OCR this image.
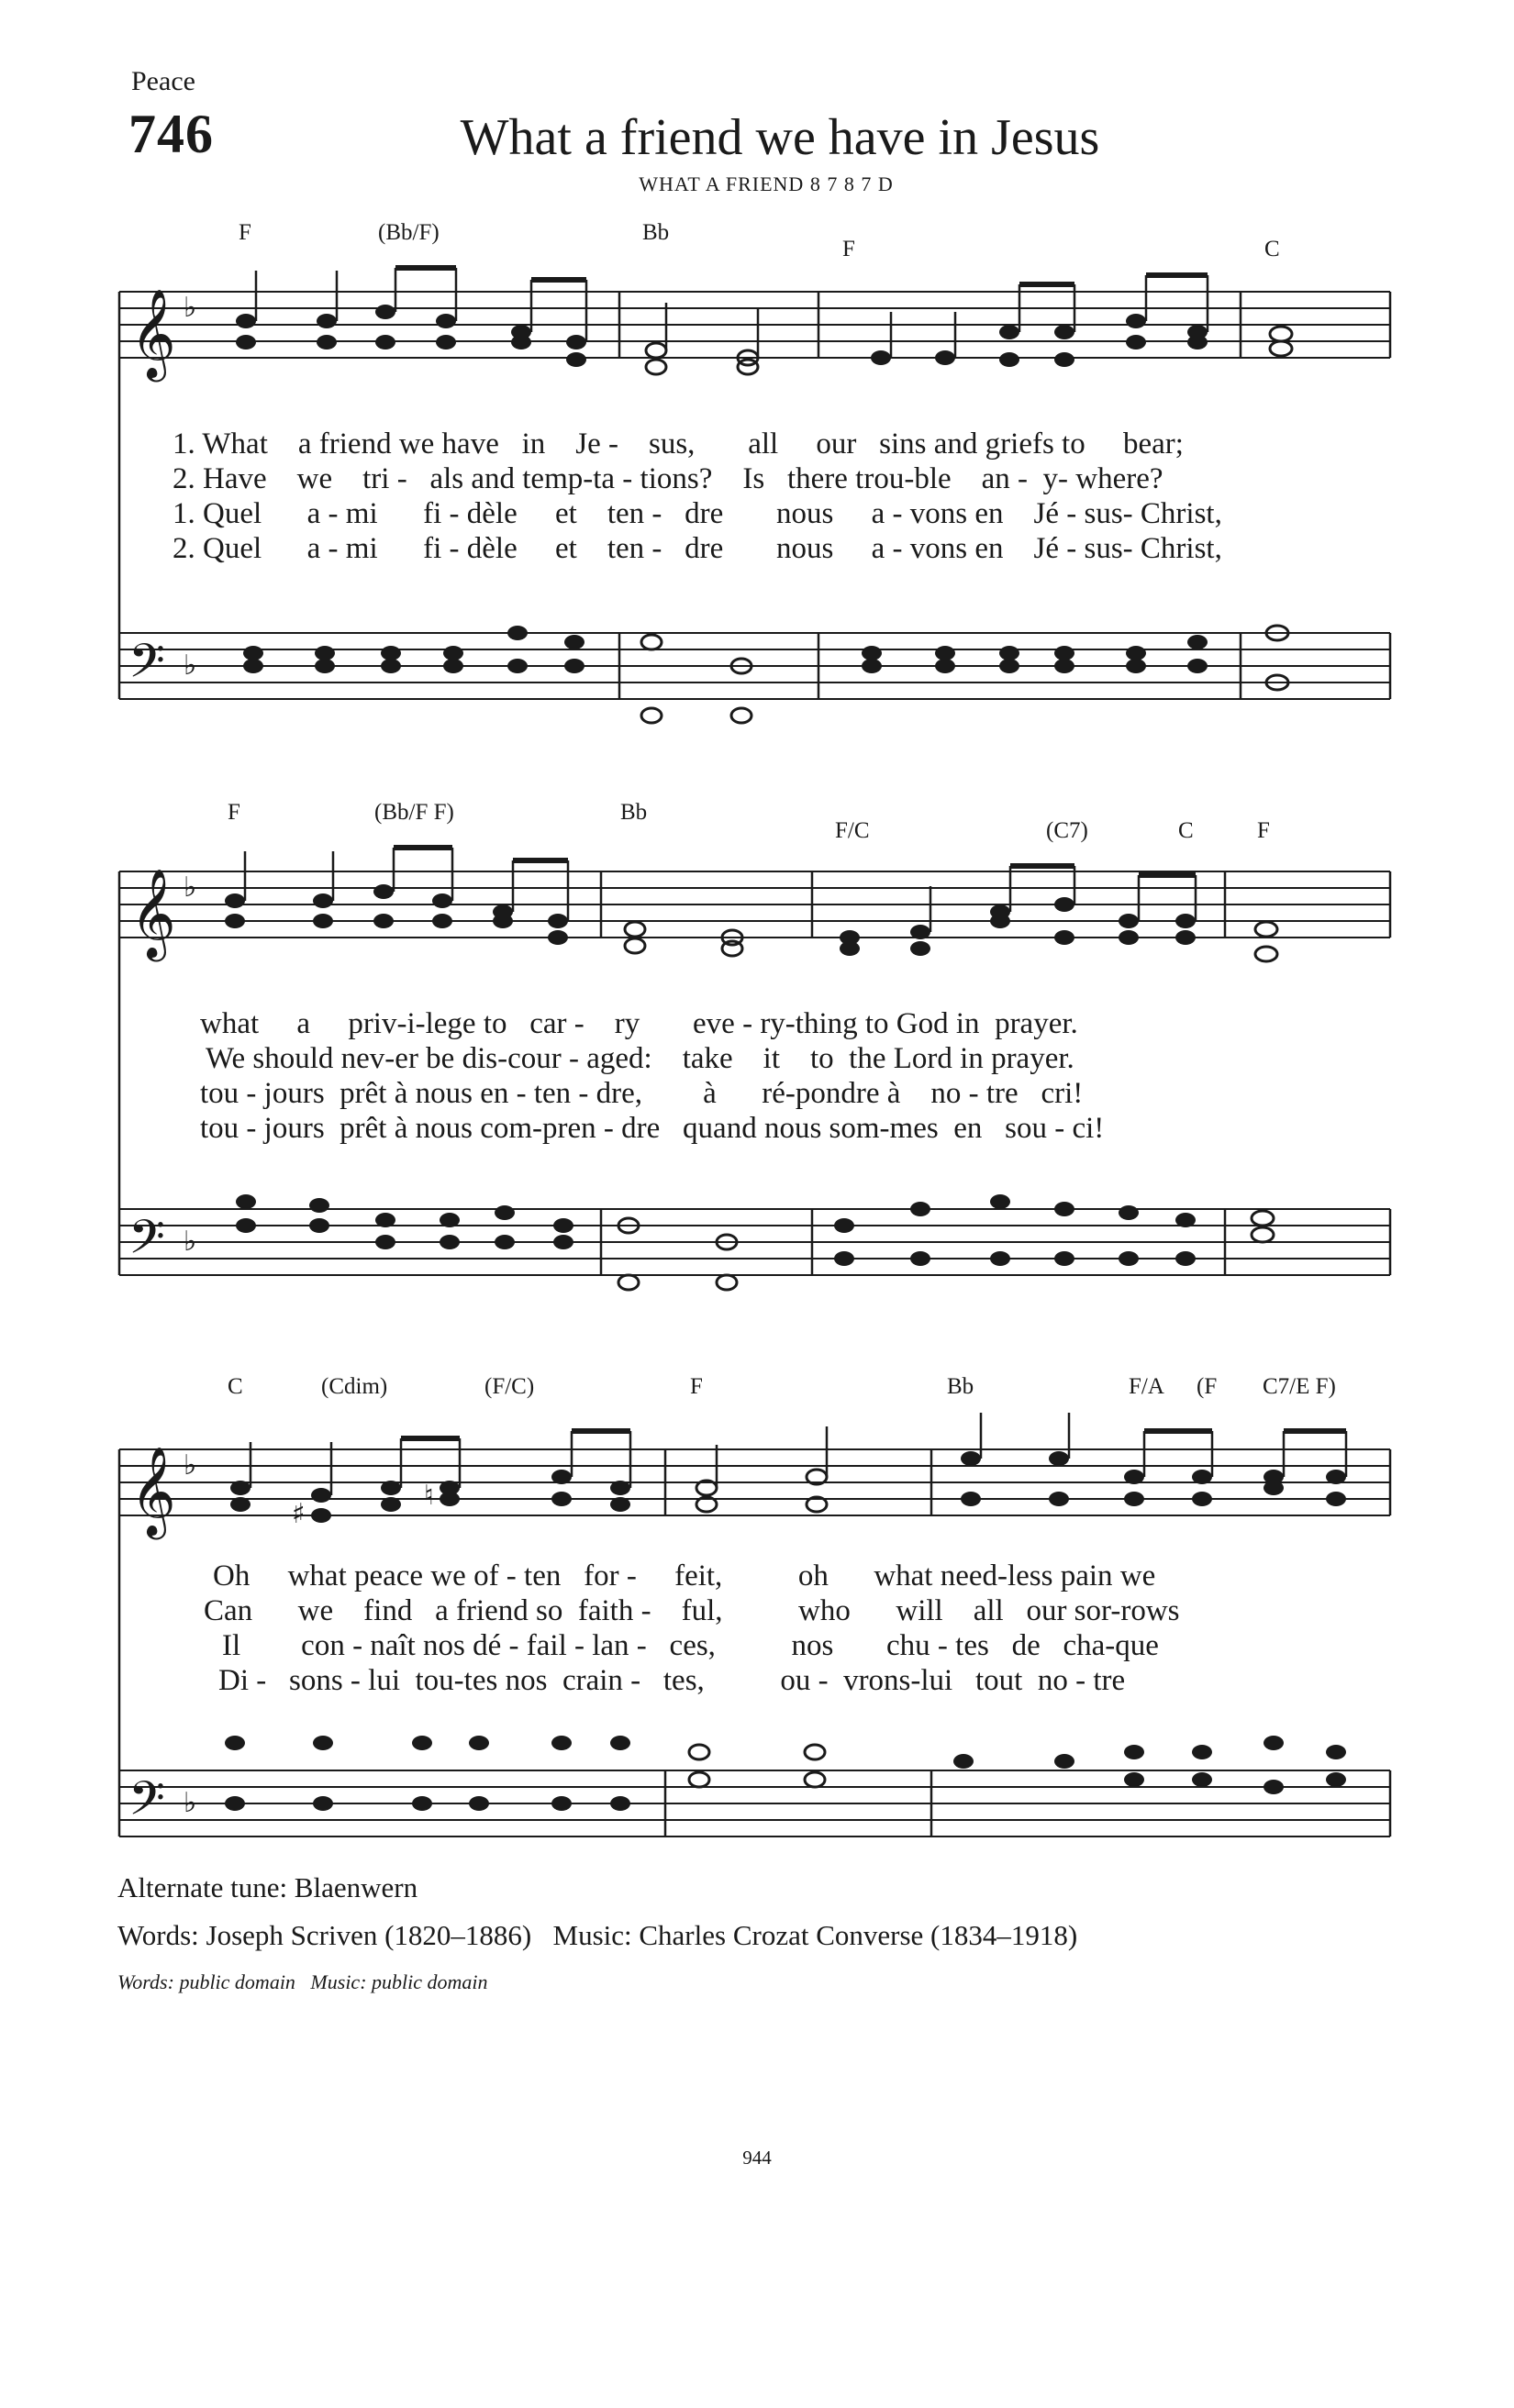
Peace
746	What a friend we have in Jesus
WHAT A FRIEND 8 7 8 7 D
F	(Bb/F)	Bb
F	C
𝄞
𝄢
♭
♭
1. What a friend we have in Je - sus, all our sins and griefs to bear;
2. Have we tri - als and temp-ta - tions? Is there trou-ble an - y- where?
1. Quel a - mi fi - dèle et ten - dre nous a - vons en Jé - sus- Christ,
2. Quel a - mi fi - dèle et ten - dre nous a - vons en Jé - sus- Christ,
F	(Bb/F F)	Bb
F/C	(C7)	C	F
𝄞
𝄢
♭
♭
what a priv-i-lege to car - ry eve - ry-thing to God in prayer.
We should nev-er be dis-cour - aged: take it to the Lord in prayer.
tou - jours prêt à nous en - ten - dre, à ré-pondre à no - tre cri!
tou - jours prêt à nous com-pren - dre quand nous som-mes en sou - ci!
C	(Cdim)	(F/C)	F	Bb	F/A (F C7/E F)
𝄞
𝄢
♭
♭
♯
♮
Oh what peace we of - ten for - feit,	oh what need-less pain we
Can we find a friend so faith - ful,	who will all our sor-rows
Il con - naît nos dé - fail - lan - ces,	nos chu - tes de cha-que
Di - sons - lui tou-tes nos crain - tes,	ou - vrons-lui tout no - tre
Alternate tune: Blaenwern
Words: Joseph Scriven (1820–1886)   Music: Charles Crozat Converse (1834–1918)
Words: public domain   Music: public domain
944
